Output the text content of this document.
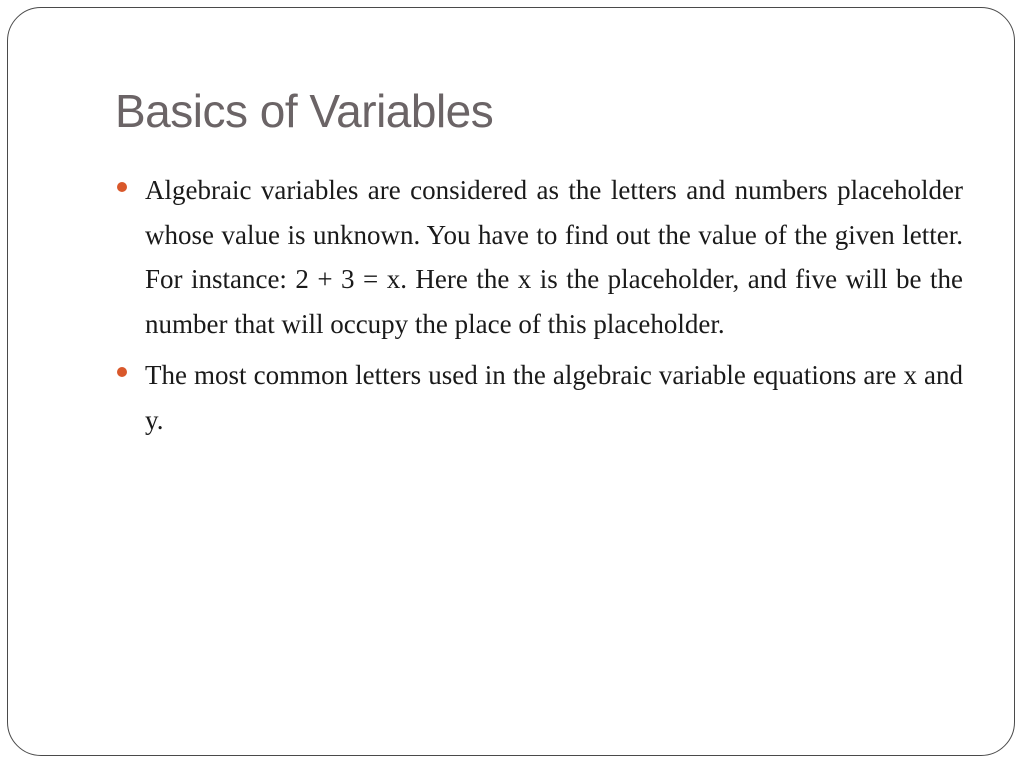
Basics of Variables
Algebraic variables are considered as the letters and numbers placeholder whose value is unknown. You have to find out the value of the given letter. For instance: 2 + 3 = x. Here the x is the placeholder, and five will be the number that will occupy the place of this placeholder.
The most common letters used in the algebraic variable equations are x and y.
